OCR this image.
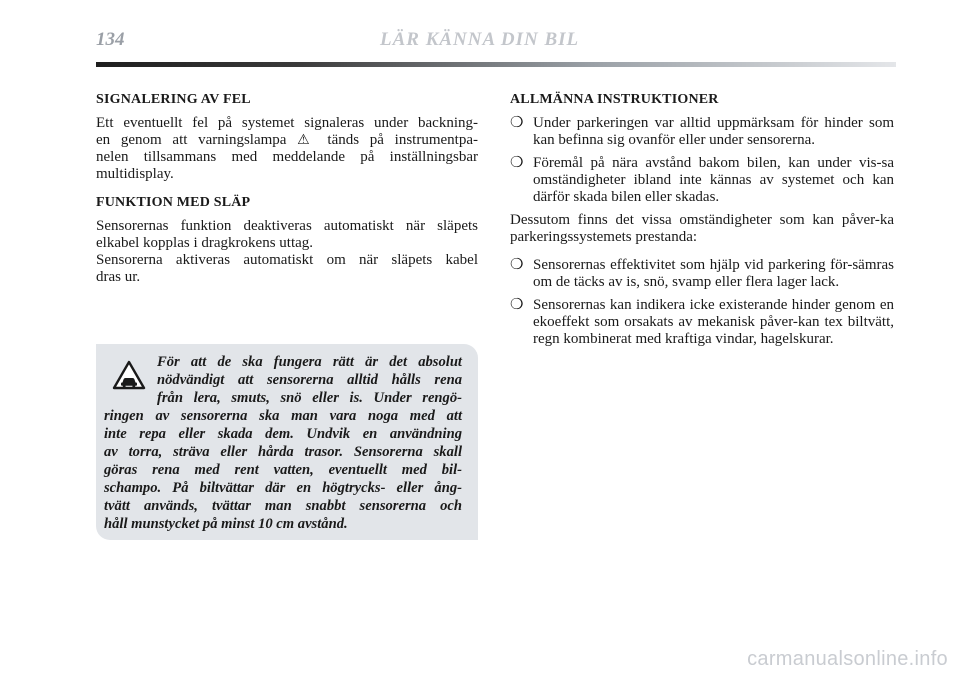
134	LÄR KÄNNA DIN BIL
SIGNALERING AV FEL
Ett eventuellt fel på systemet signaleras under backning-
en genom att varningslampa ⚠ tänds på instrumentpa-
nelen tillsammans med meddelande på inställningsbar
multidisplay.
FUNKTION MED SLÄP
Sensorernas funktion deaktiveras automatiskt när släpets
elkabel kopplas i dragkrokens uttag.
Sensorerna aktiveras automatiskt om när släpets kabel
dras ur.
För att de ska fungera rätt är det absolut
nödvändigt att sensorerna alltid hålls rena
från lera, smuts, snö eller is. Under rengö-
ringen av sensorerna ska man vara noga med att
inte repa eller skada dem. Undvik en användning
av torra, sträva eller hårda trasor. Sensorerna skall
göras rena med rent vatten, eventuellt med bil-
schampo. På biltvättar där en högtrycks- eller ång-
tvätt används, tvättar man snabbt sensorerna och
håll munstycket på minst 10 cm avstånd.
ALLMÄNNA INSTRUKTIONER
❍ Under parkeringen var alltid uppmärksam för hinder som kan befinna sig ovanför eller under sensorerna.
❍ Föremål på nära avstånd bakom bilen, kan under vis-sa omständigheter ibland inte kännas av systemet och kan därför skada bilen eller skadas.
Dessutom finns det vissa omständigheter som kan påver-ka parkeringssystemets prestanda:
❍ Sensorernas effektivitet som hjälp vid parkering för-sämras om de täcks av is, snö, svamp eller flera lager lack.
❍ Sensorernas kan indikera icke existerande hinder genom en ekoeffekt som orsakats av mekanisk påver-kan tex biltvätt, regn kombinerat med kraftiga vindar, hagelskurar.
carmanualsonline.info
